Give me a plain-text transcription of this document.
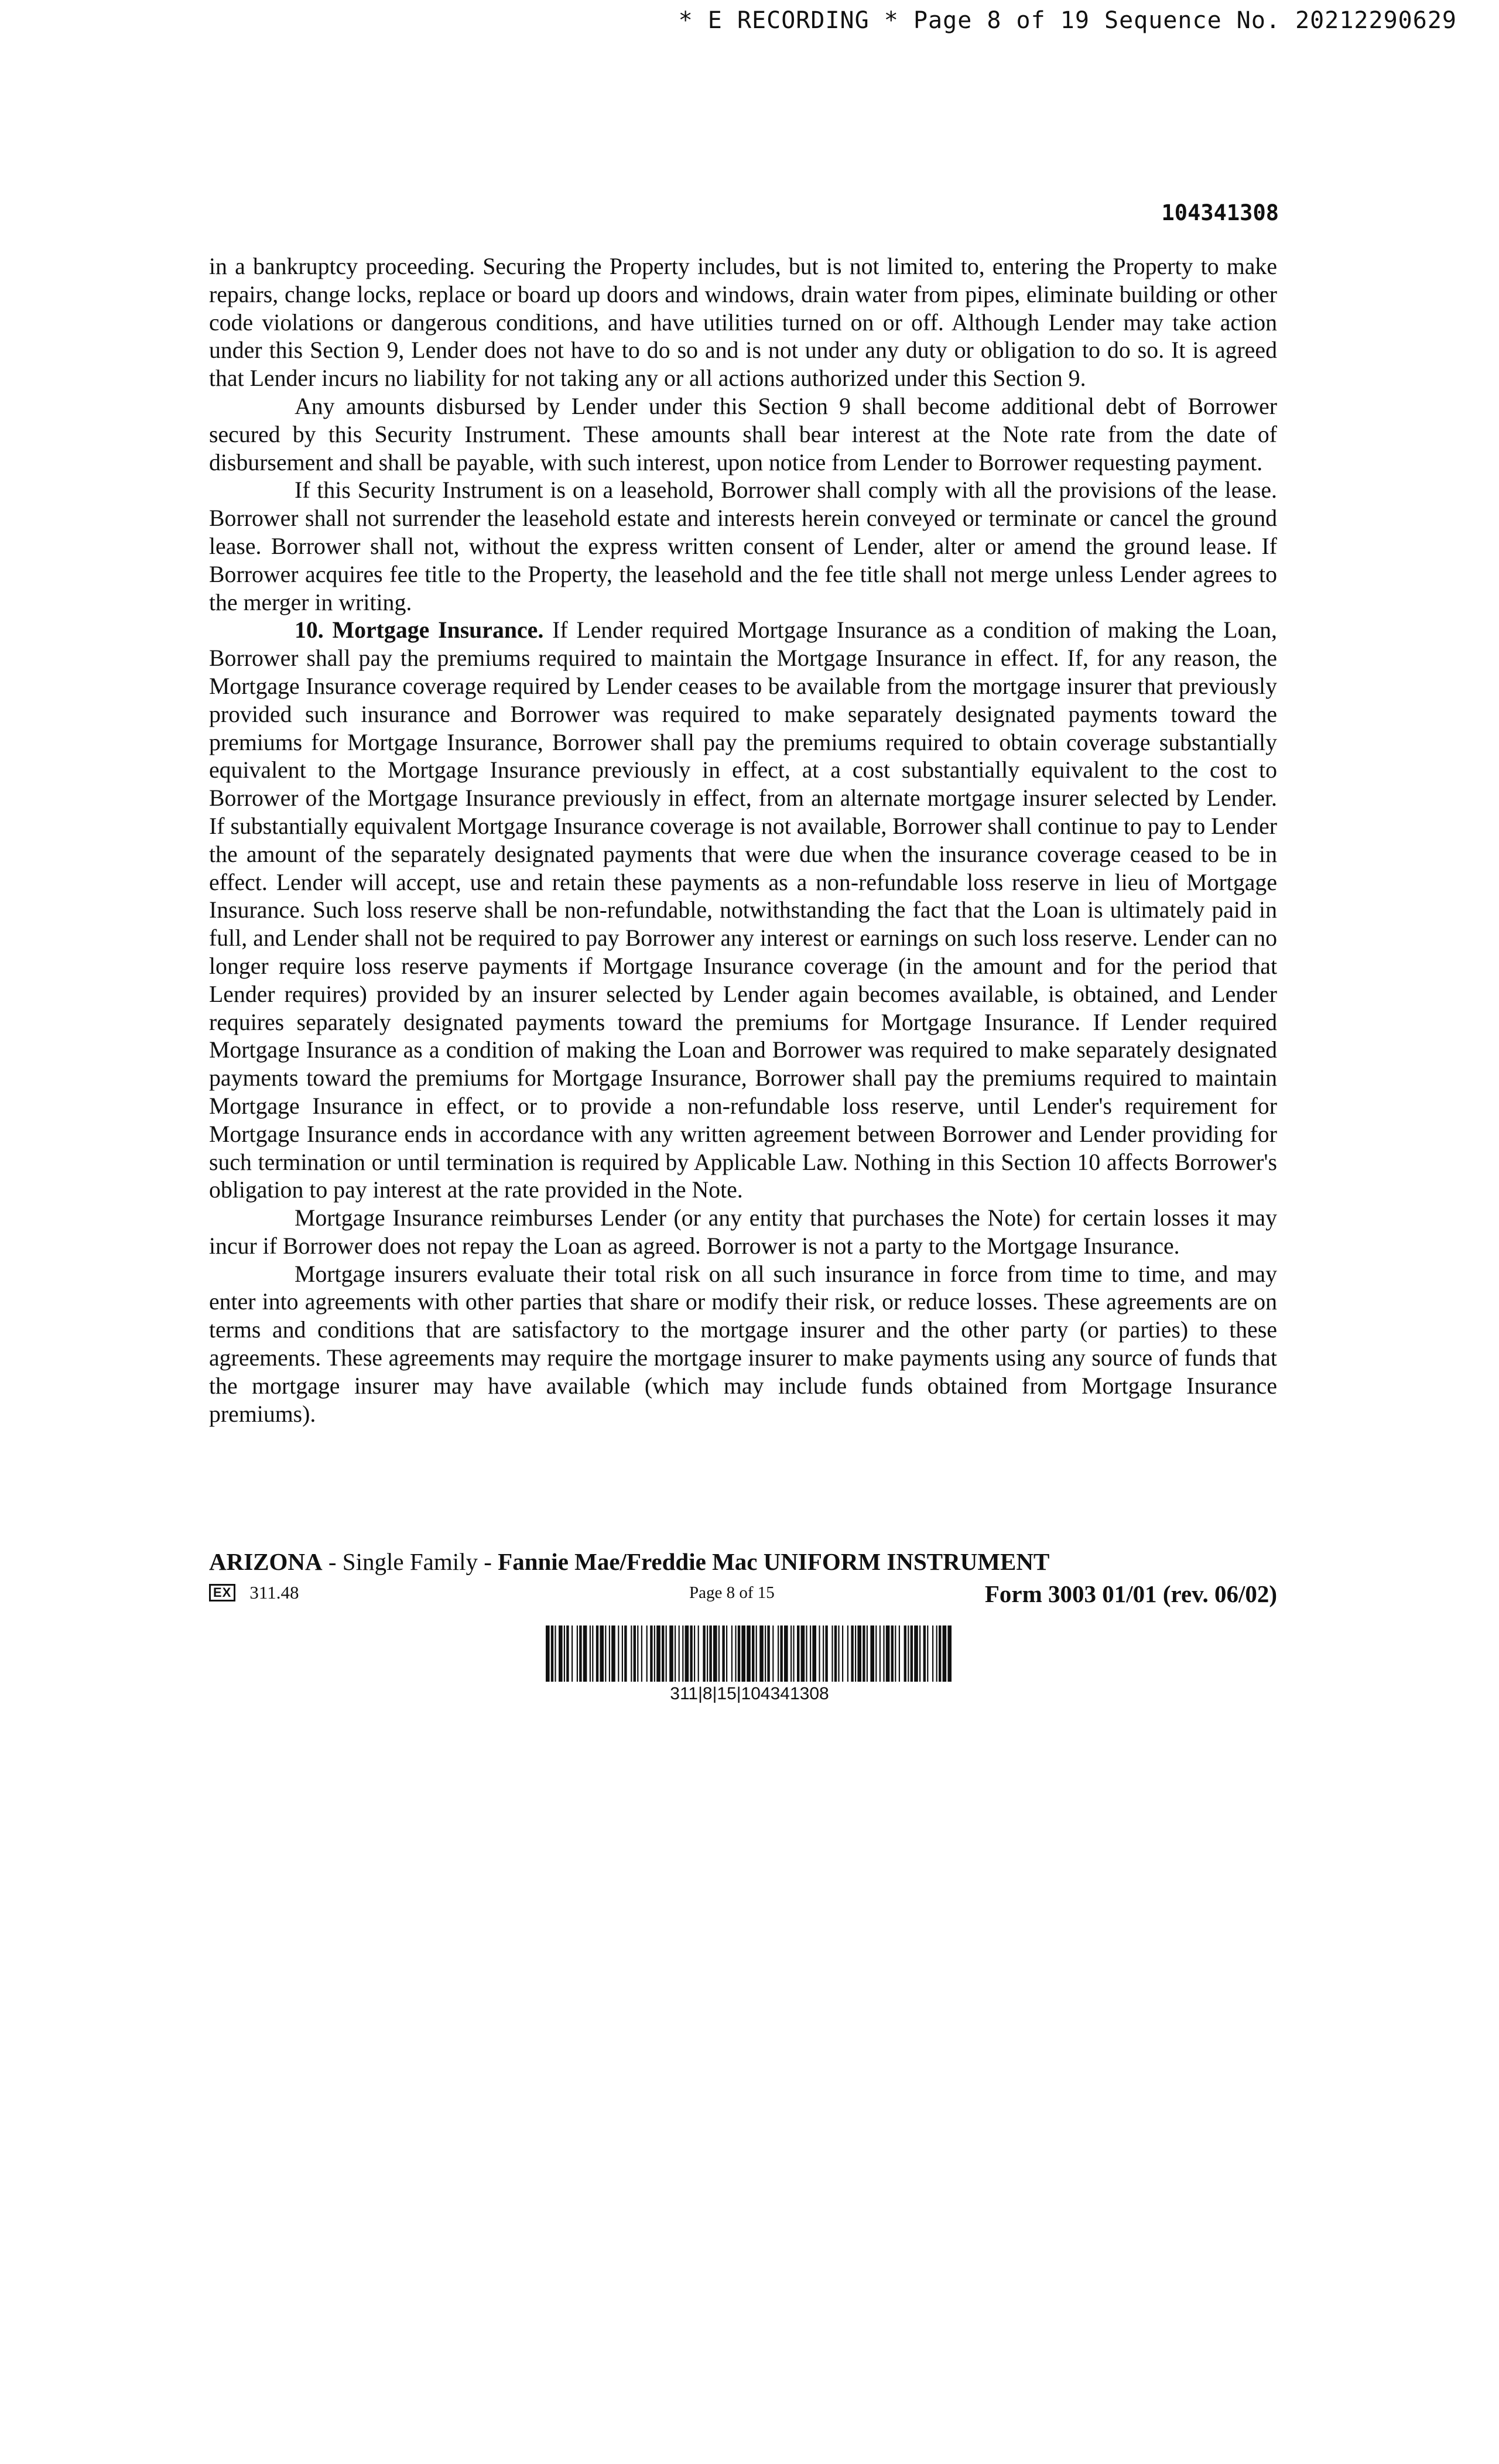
* E RECORDING * Page 8 of 19 Sequence No. 20212290629
104341308

in a bankruptcy proceeding. Securing the Property includes, but is not limited to, entering the Property to make repairs, change locks, replace or board up doors and windows, drain water from pipes, eliminate building or other code violations or dangerous conditions, and have utilities turned on or off. Although Lender may take action under this Section 9, Lender does not have to do so and is not under any duty or obligation to do so. It is agreed that Lender incurs no liability for not taking any or all actions authorized under this Section 9.

Any amounts disbursed by Lender under this Section 9 shall become additional debt of Borrower secured by this Security Instrument. These amounts shall bear interest at the Note rate from the date of disbursement and shall be payable, with such interest, upon notice from Lender to Borrower requesting payment.

If this Security Instrument is on a leasehold, Borrower shall comply with all the provisions of the lease. Borrower shall not surrender the leasehold estate and interests herein conveyed or terminate or cancel the ground lease. Borrower shall not, without the express written consent of Lender, alter or amend the ground lease. If Borrower acquires fee title to the Property, the leasehold and the fee title shall not merge unless Lender agrees to the merger in writing.

10. Mortgage Insurance. If Lender required Mortgage Insurance as a condition of making the Loan, Borrower shall pay the premiums required to maintain the Mortgage Insurance in effect. If, for any reason, the Mortgage Insurance coverage required by Lender ceases to be available from the mortgage insurer that previously provided such insurance and Borrower was required to make separately designated payments toward the premiums for Mortgage Insurance, Borrower shall pay the premiums required to obtain coverage substantially equivalent to the Mortgage Insurance previously in effect, at a cost substantially equivalent to the cost to Borrower of the Mortgage Insurance previously in effect, from an alternate mortgage insurer selected by Lender. If substantially equivalent Mortgage Insurance coverage is not available, Borrower shall continue to pay to Lender the amount of the separately designated payments that were due when the insurance coverage ceased to be in effect. Lender will accept, use and retain these payments as a non-refundable loss reserve in lieu of Mortgage Insurance. Such loss reserve shall be non-refundable, notwithstanding the fact that the Loan is ultimately paid in full, and Lender shall not be required to pay Borrower any interest or earnings on such loss reserve. Lender can no longer require loss reserve payments if Mortgage Insurance coverage (in the amount and for the period that Lender requires) provided by an insurer selected by Lender again becomes available, is obtained, and Lender requires separately designated payments toward the premiums for Mortgage Insurance. If Lender required Mortgage Insurance as a condition of making the Loan and Borrower was required to make separately designated payments toward the premiums for Mortgage Insurance, Borrower shall pay the premiums required to maintain Mortgage Insurance in effect, or to provide a non-refundable loss reserve, until Lender's requirement for Mortgage Insurance ends in accordance with any written agreement between Borrower and Lender providing for such termination or until termination is required by Applicable Law. Nothing in this Section 10 affects Borrower's obligation to pay interest at the rate provided in the Note.

Mortgage Insurance reimburses Lender (or any entity that purchases the Note) for certain losses it may incur if Borrower does not repay the Loan as agreed. Borrower is not a party to the Mortgage Insurance.

Mortgage insurers evaluate their total risk on all such insurance in force from time to time, and may enter into agreements with other parties that share or modify their risk, or reduce losses. These agreements are on terms and conditions that are satisfactory to the mortgage insurer and the other party (or parties) to these agreements. These agreements may require the mortgage insurer to make payments using any source of funds that the mortgage insurer may have available (which may include funds obtained from Mortgage Insurance premiums).

ARIZONA - Single Family - Fannie Mae/Freddie Mac UNIFORM INSTRUMENT
EX 311.48	Page 8 of 15	Form 3003 01/01 (rev. 06/02)
311|8|15|104341308
